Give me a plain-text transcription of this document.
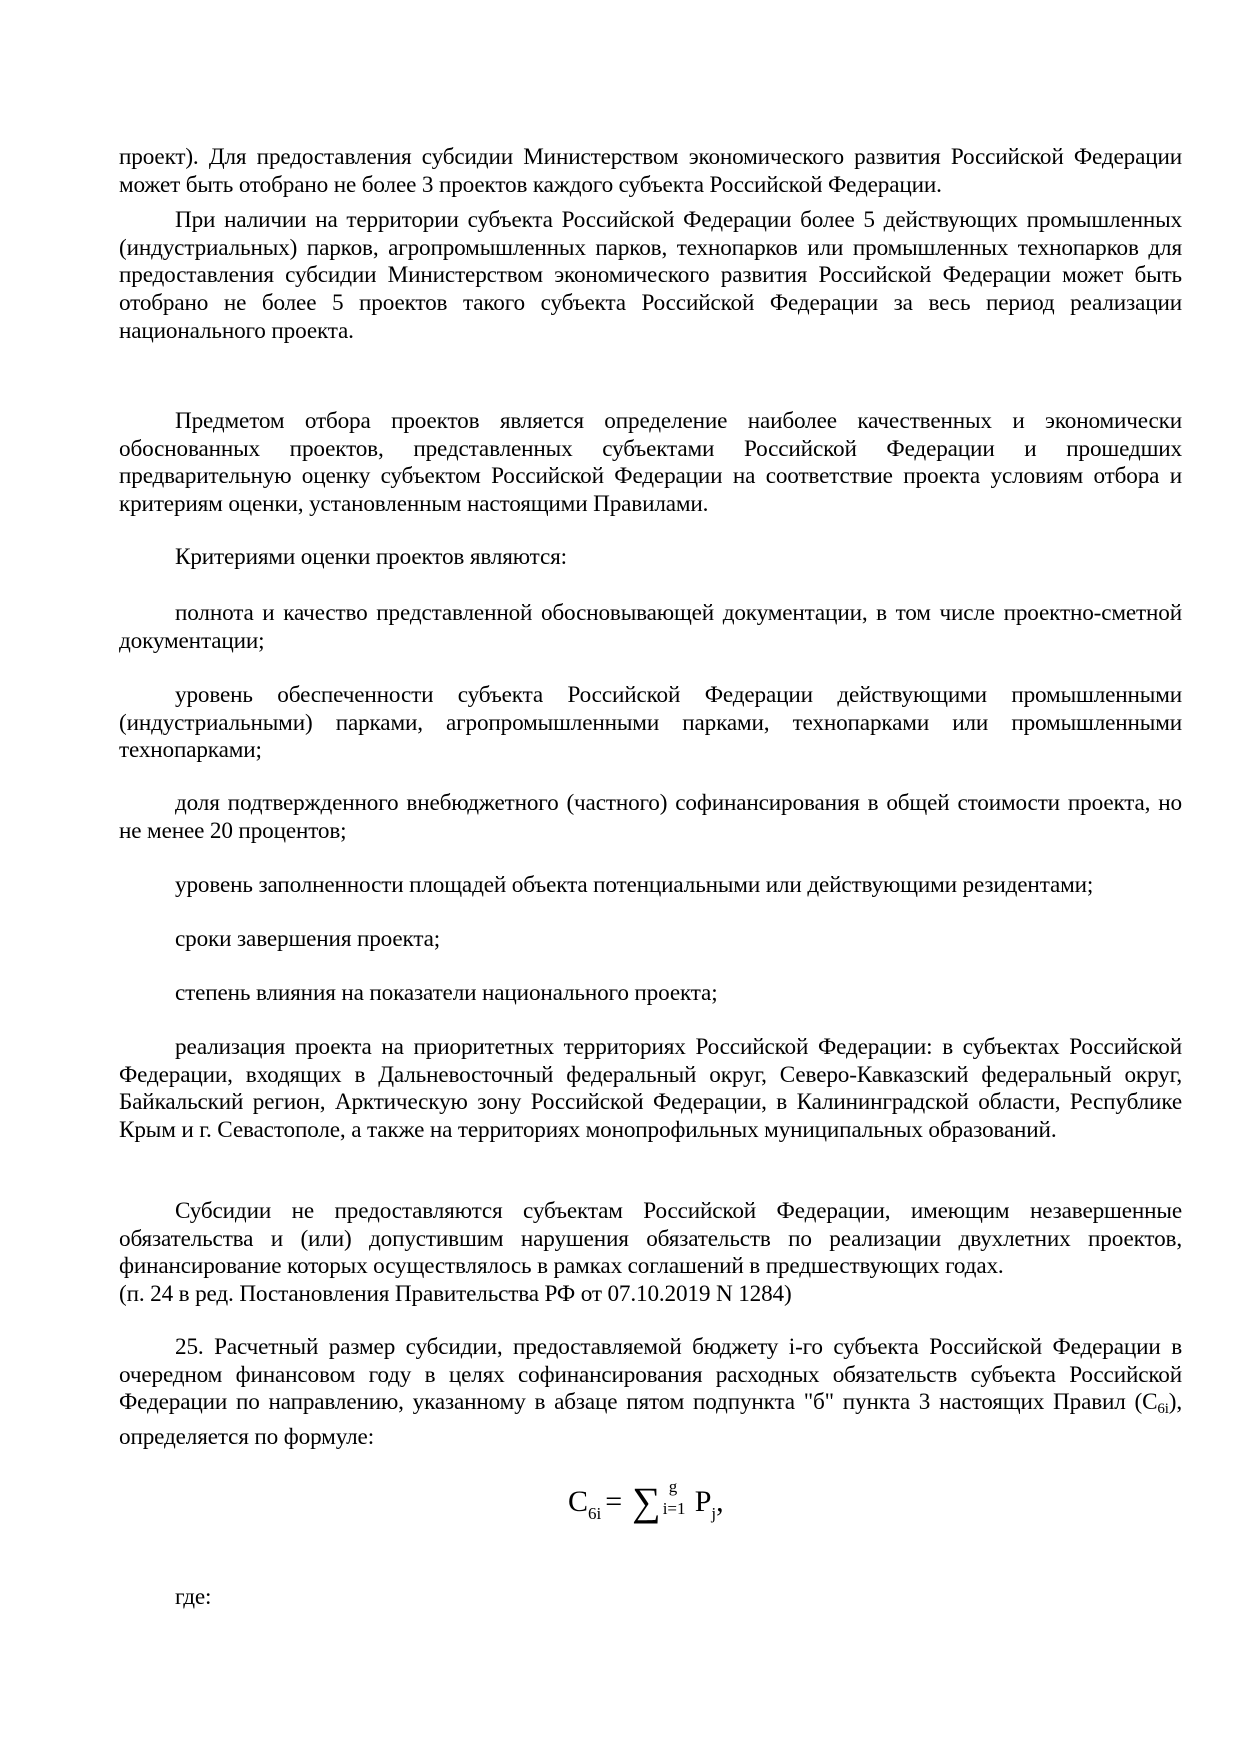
проект). Для предоставления субсидии Министерством экономического развития Российской Федерации может быть отобрано не более 3 проектов каждого субъекта Российской Федерации.

При наличии на территории субъекта Российской Федерации более 5 действующих промышленных (индустриальных) парков, агропромышленных парков, технопарков или промышленных технопарков для предоставления субсидии Министерством экономического развития Российской Федерации может быть отобрано не более 5 проектов такого субъекта Российской Федерации за весь период реализации национального проекта.

Предметом отбора проектов является определение наиболее качественных и экономически обоснованных проектов, представленных субъектами Российской Федерации и прошедших предварительную оценку субъектом Российской Федерации на соответствие проекта условиям отбора и критериям оценки, установленным настоящими Правилами.

Критериями оценки проектов являются:

полнота и качество представленной обосновывающей документации, в том числе проектно-сметной документации;

уровень обеспеченности субъекта Российской Федерации действующими промышленными (индустриальными) парками, агропромышленными парками, технопарками или промышленными технопарками;

доля подтвержденного внебюджетного (частного) софинансирования в общей стоимости проекта, но не менее 20 процентов;

уровень заполненности площадей объекта потенциальными или действующими резидентами;

сроки завершения проекта;

степень влияния на показатели национального проекта;

реализация проекта на приоритетных территориях Российской Федерации: в субъектах Российской Федерации, входящих в Дальневосточный федеральный округ, Северо-Кавказский федеральный округ, Байкальский регион, Арктическую зону Российской Федерации, в Калининградской области, Республике Крым и г. Севастополе, а также на территориях монопрофильных муниципальных образований.

Субсидии не предоставляются субъектам Российской Федерации, имеющим незавершенные обязательства и (или) допустившим нарушения обязательств по реализации двухлетних проектов, финансирование которых осуществлялось в рамках соглашений в предшествующих годах.

(п. 24 в ред. Постановления Правительства РФ от 07.10.2019 N 1284)

25. Расчетный размер субсидии, предоставляемой бюджету i-го субъекта Российской Федерации в очередном финансовом году в целях софинансирования расходных обязательств субъекта Российской Федерации по направлению, указанному в абзаце пятом подпункта "б" пункта 3 настоящих Правил (C6i), определяется по формуле:

где:

$C_{6i}$ = ∑ g
i=1 $P_j$,
